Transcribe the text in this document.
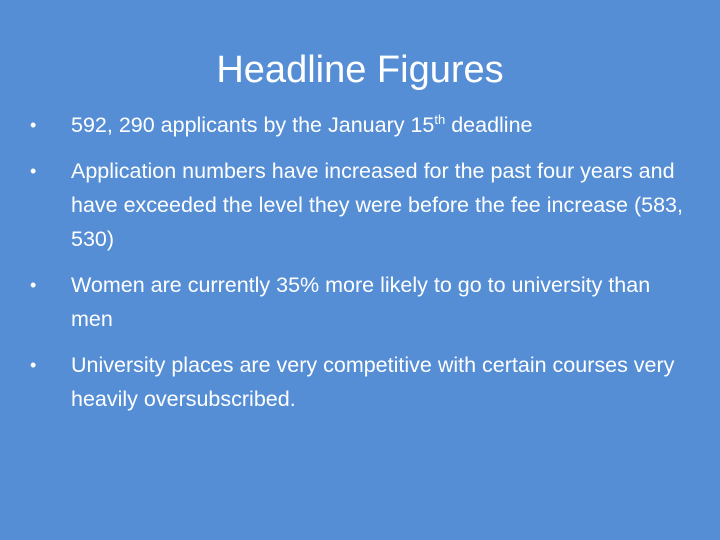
Headline Figures
•	592, 290 applicants by the January 15th deadline
•	Application numbers have increased for the past four years and have exceeded the level they were before the fee increase (583, 530)
•	Women are currently 35% more likely to go to university than men
•	University places are very competitive with certain courses very heavily oversubscribed.
